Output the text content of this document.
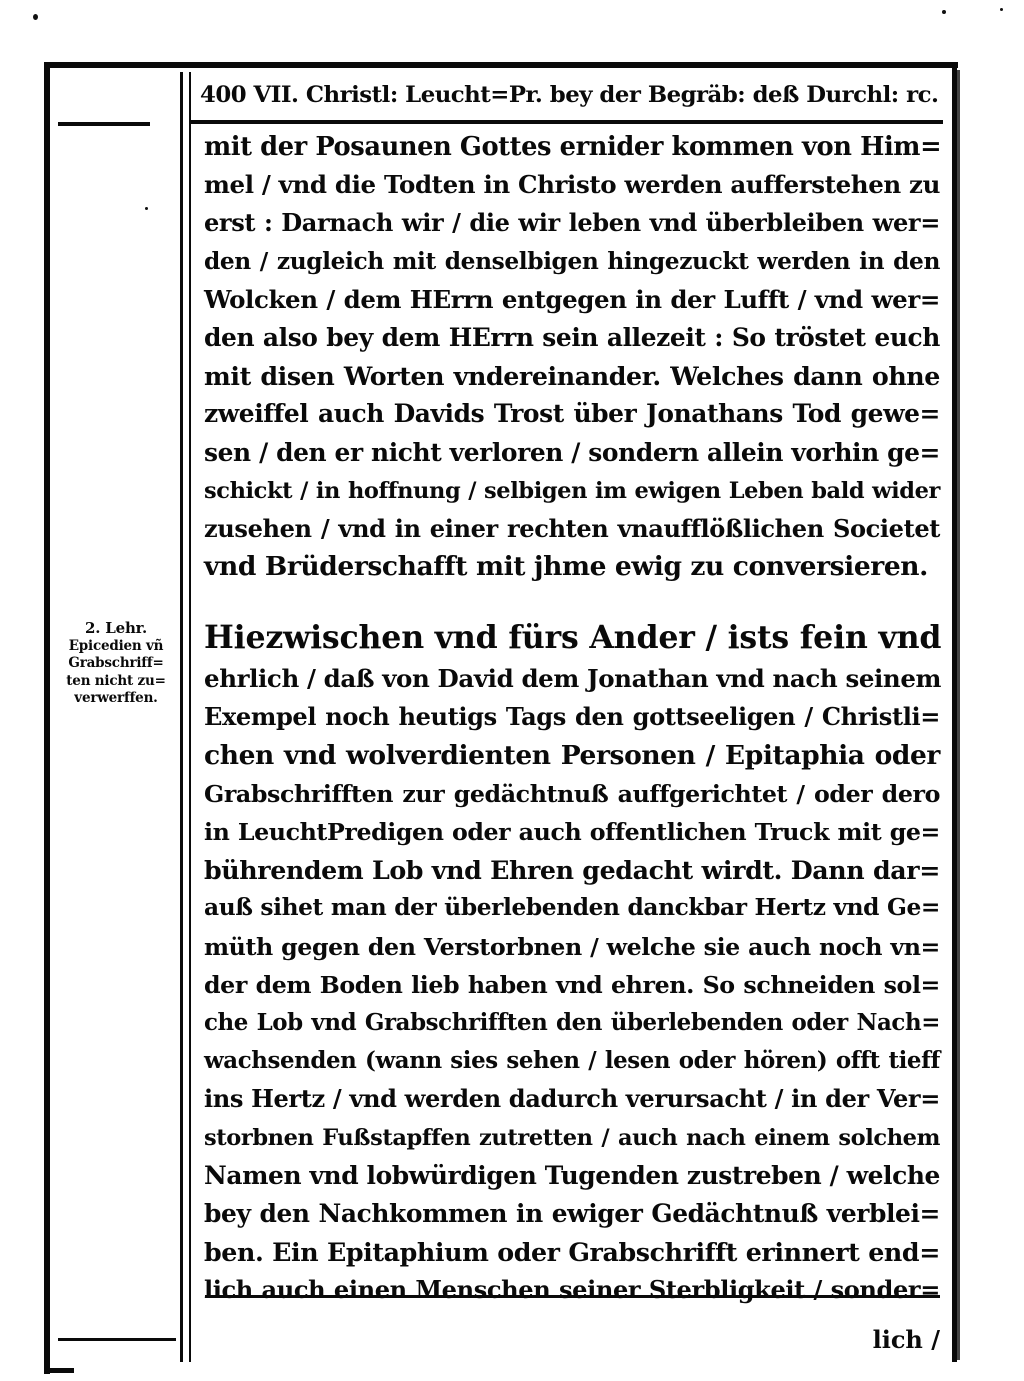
400 VII. Christl: Leucht=Pr. bey der Begräb: deß Durchl: rc.
2. Lehr.
Epicedien vñ
Grabschriff=
ten nicht zu=
verwerffen.
mit der Posaunen Gottes ernider kommen von Him=
mel / vnd die Todten in Christo werden aufferstehen zu
erst : Darnach wir / die wir leben vnd überbleiben wer=
den / zugleich mit denselbigen hingezuckt werden in den
Wolcken / dem HErrn entgegen in der Lufft / vnd wer=
den also bey dem HErrn sein allezeit : So tröstet euch
mit disen Worten vndereinander. Welches dann ohne
zweiffel auch Davids Trost über Jonathans Tod gewe=
sen / den er nicht verloren / sondern allein vorhin ge=
schickt / in hoffnung / selbigen im ewigen Leben bald wider
zusehen / vnd in einer rechten vnaufflößlichen Societet
vnd Brüderschafft mit jhme ewig zu conversieren.
Hiezwischen vnd fürs Ander / ists fein vnd
ehrlich / daß von David dem Jonathan vnd nach seinem
Exempel noch heutigs Tags den gottseeligen / Christli=
chen vnd wolverdienten Personen / Epitaphia oder
Grabschrifften zur gedächtnuß auffgerichtet / oder dero
in LeuchtPredigen oder auch offentlichen Truck mit ge=
bührendem Lob vnd Ehren gedacht wirdt. Dann dar=
auß sihet man der überlebenden danckbar Hertz vnd Ge=
müth gegen den Verstorbnen / welche sie auch noch vn=
der dem Boden lieb haben vnd ehren. So schneiden sol=
che Lob vnd Grabschrifften den überlebenden oder Nach=
wachsenden (wann sies sehen / lesen oder hören) offt tieff
ins Hertz / vnd werden dadurch verursacht / in der Ver=
storbnen Fußstapffen zutretten / auch nach einem solchem
Namen vnd lobwürdigen Tugenden zustreben / welche
bey den Nachkommen in ewiger Gedächtnuß verblei=
ben. Ein Epitaphium oder Grabschrifft erinnert end=
lich auch einen Menschen seiner Sterbligkeit / sonder=
lich /
